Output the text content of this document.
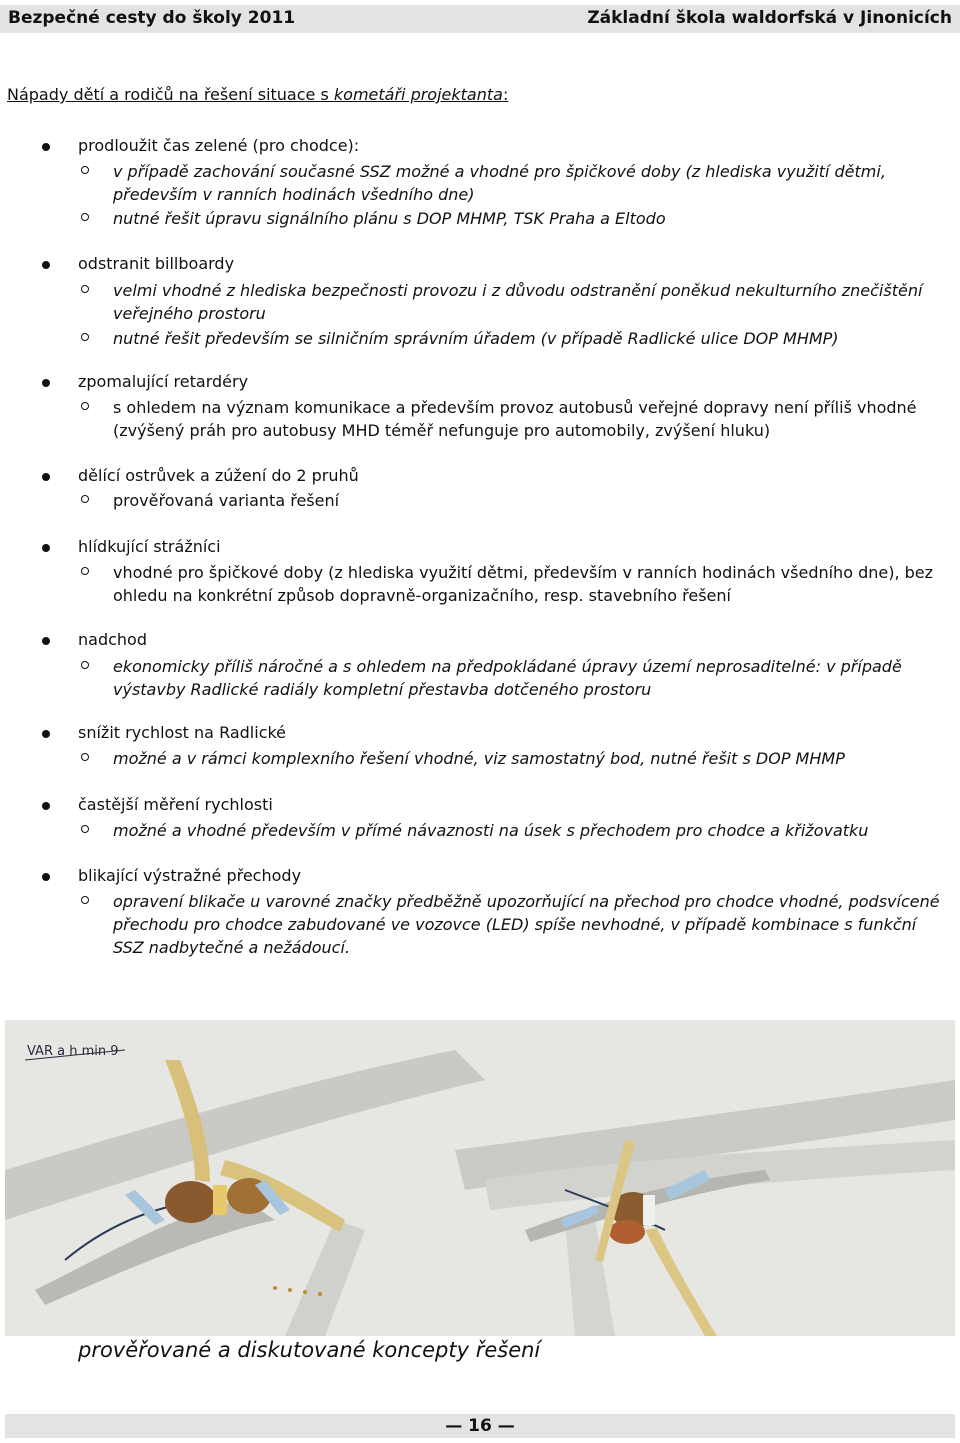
Bezpečné cesty do školy 2011	Základní škola waldorfská v Jinonicích
Nápady dětí a rodičů na řešení situace s kometáři projektanta:
prodloužit čas zelené (pro chodce):
v případě zachování současné SSZ možné a vhodné pro špičkové doby (z hlediska využití dětmi, především v ranních hodinách všedního dne)
nutné řešit úpravu signálního plánu s DOP MHMP, TSK Praha a Eltodo
odstranit billboardy
velmi vhodné z hlediska bezpečnosti provozu i z důvodu odstranění poněkud nekulturního znečištění veřejného prostoru
nutné řešit především se silničním správním úřadem (v případě Radlické ulice DOP MHMP)
zpomalující retardéry
s ohledem na význam komunikace a především provoz autobusů veřejné dopravy není příliš vhodné (zvýšený práh pro autobusy MHD téměř nefunguje pro automobily, zvýšení hluku)
dělící ostrůvek a zúžení do 2 pruhů
prověřovaná varianta řešení
hlídkující strážníci
vhodné pro špičkové doby (z hlediska využití dětmi, především v ranních hodinách všedního dne), bez ohledu na konkrétní způsob dopravně-organizačního, resp. stavebního řešení
nadchod
ekonomicky příliš náročné a s ohledem na předpokládané úpravy území neprosaditelné: v případě výstavby Radlické radiály kompletní přestavba dotčeného prostoru
snížit rychlost na Radlické
možné a v rámci komplexního řešení vhodné, viz samostatný bod, nutné řešit s DOP MHMP
častější měření rychlosti
možné a vhodné především v přímé návaznosti na úsek s přechodem pro chodce a křižovatku
blikající výstražné přechody
opravení blikače u varovné značky předběžně upozorňující na přechod pro chodce vhodné, podsvícené přechodu pro chodce zabudované ve vozovce (LED) spíše nevhodné, v případě kombinace s funkční SSZ nadbytečné a nežádoucí.
VAR a h min 9
prověřované a diskutované koncepty řešení
— 16 —
